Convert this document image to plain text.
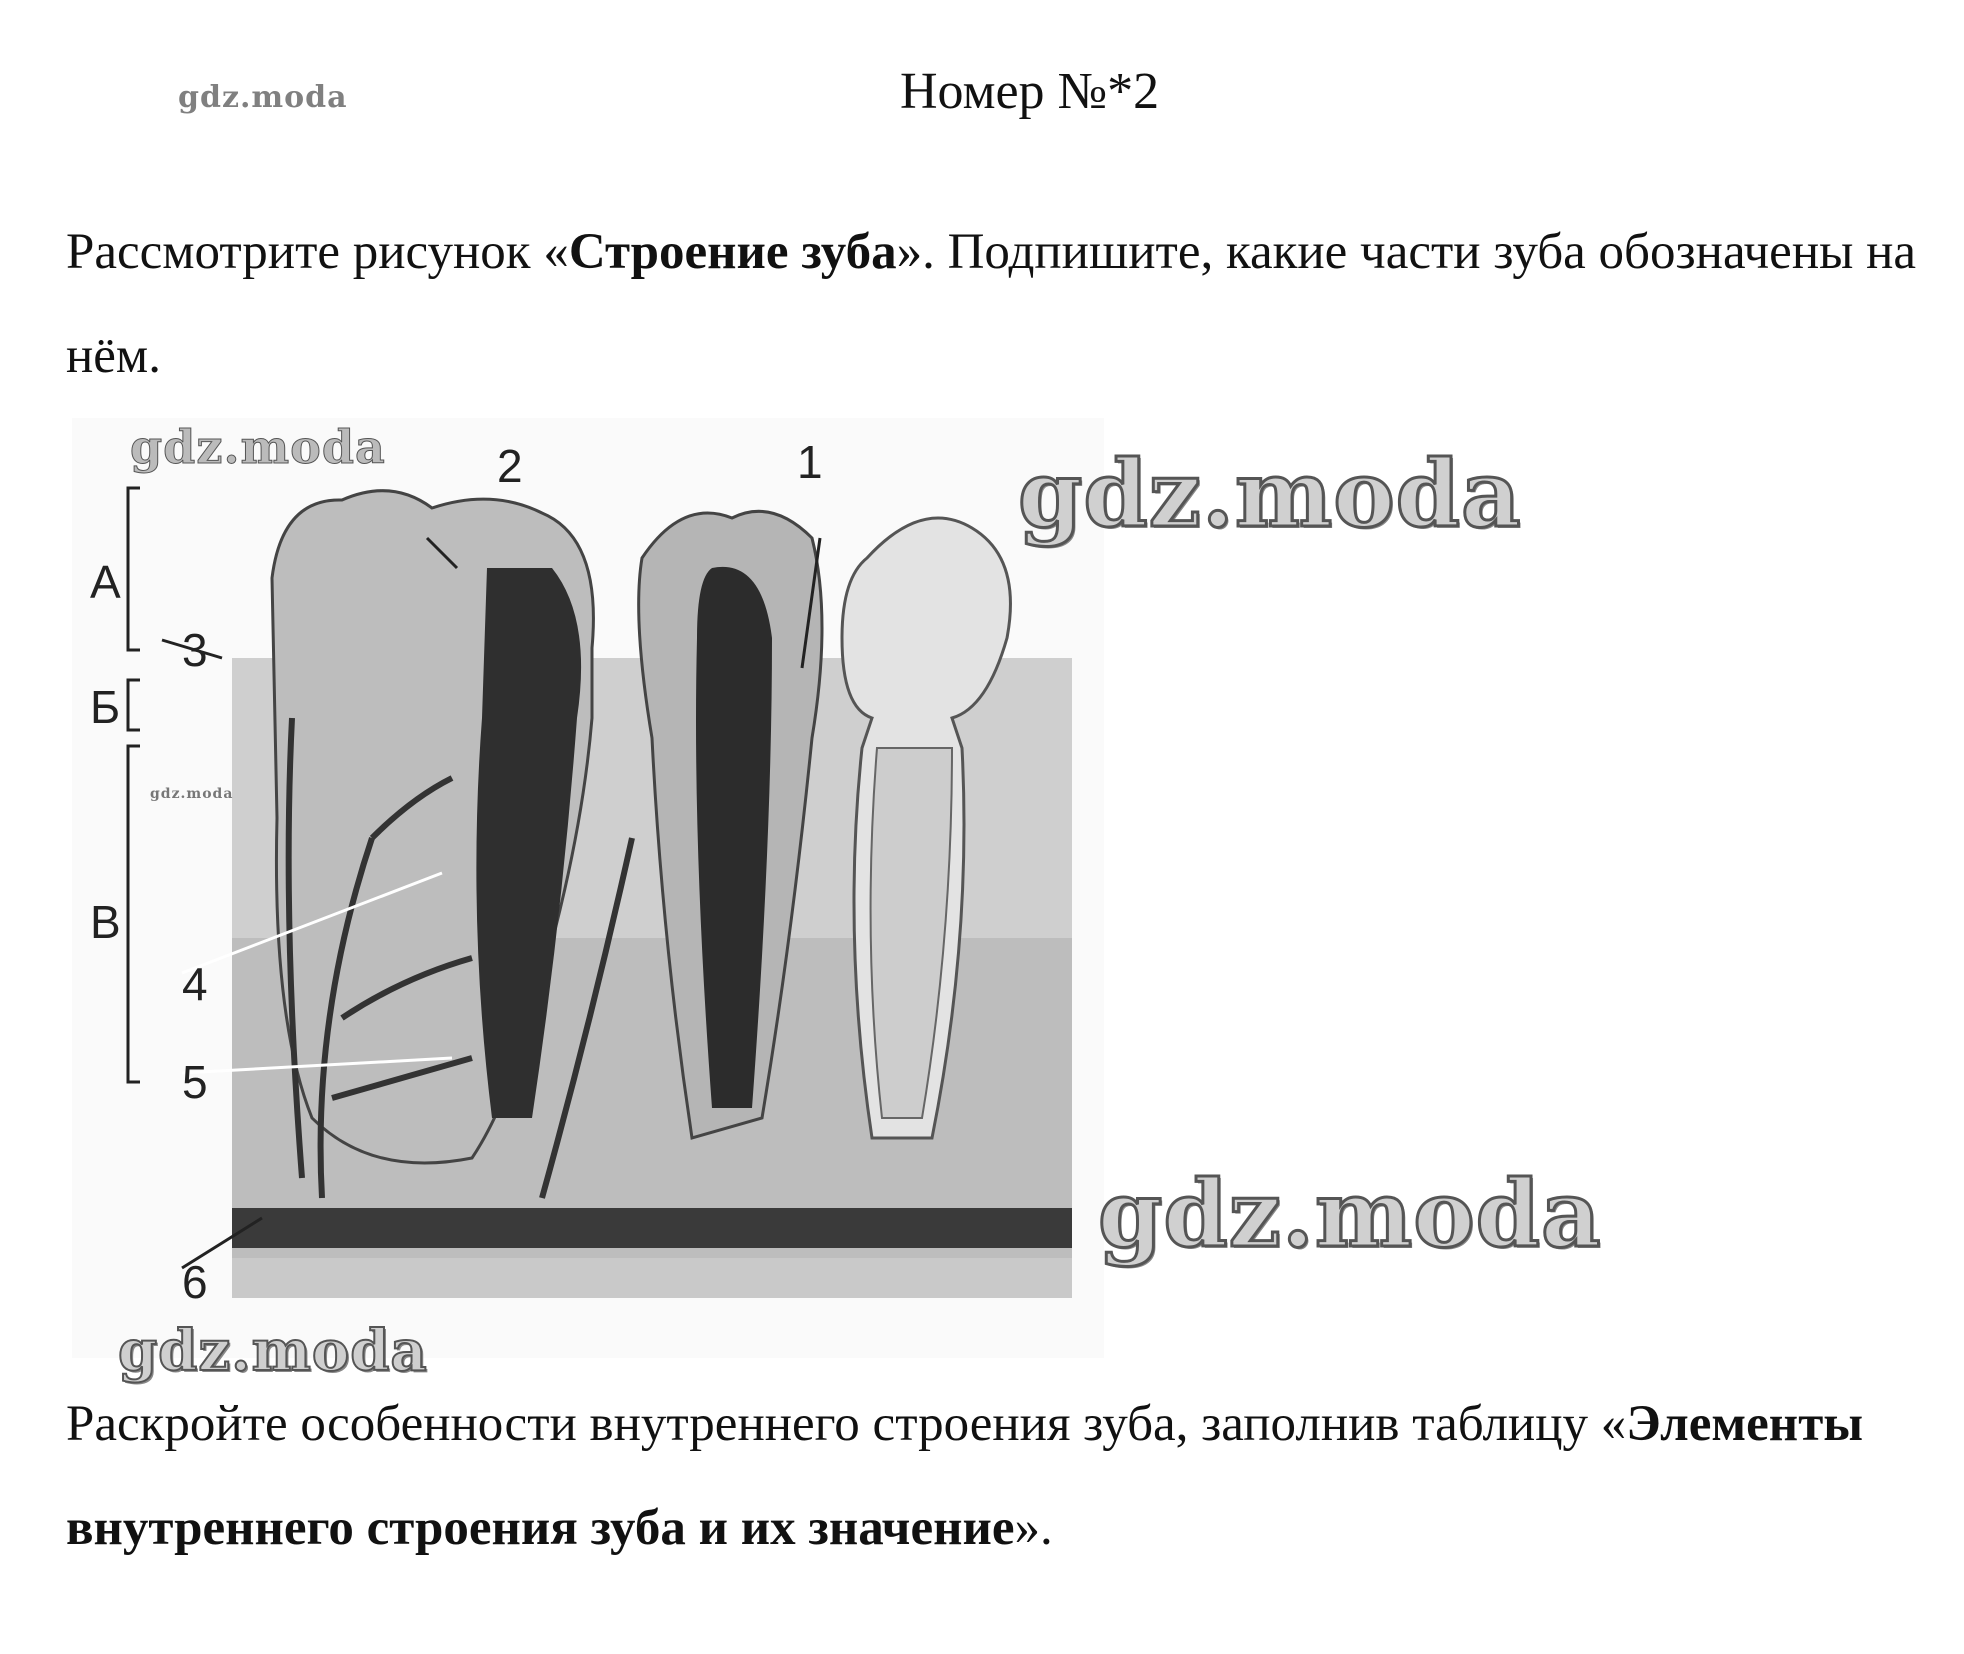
gdz.moda	Номер №*2
Рассмотрите рисунок «Строение зуба». Подпишите, какие части зуба обозначены на нём.
А
Б
В
3
4
5
6
2	1
gdz.moda
gdz.moda
gdz.moda
gdz.moda
gdz.moda
Раскройте особенности внутреннего строения зуба, заполнив таблицу «Элементы внутреннего строения зуба и их значение».
